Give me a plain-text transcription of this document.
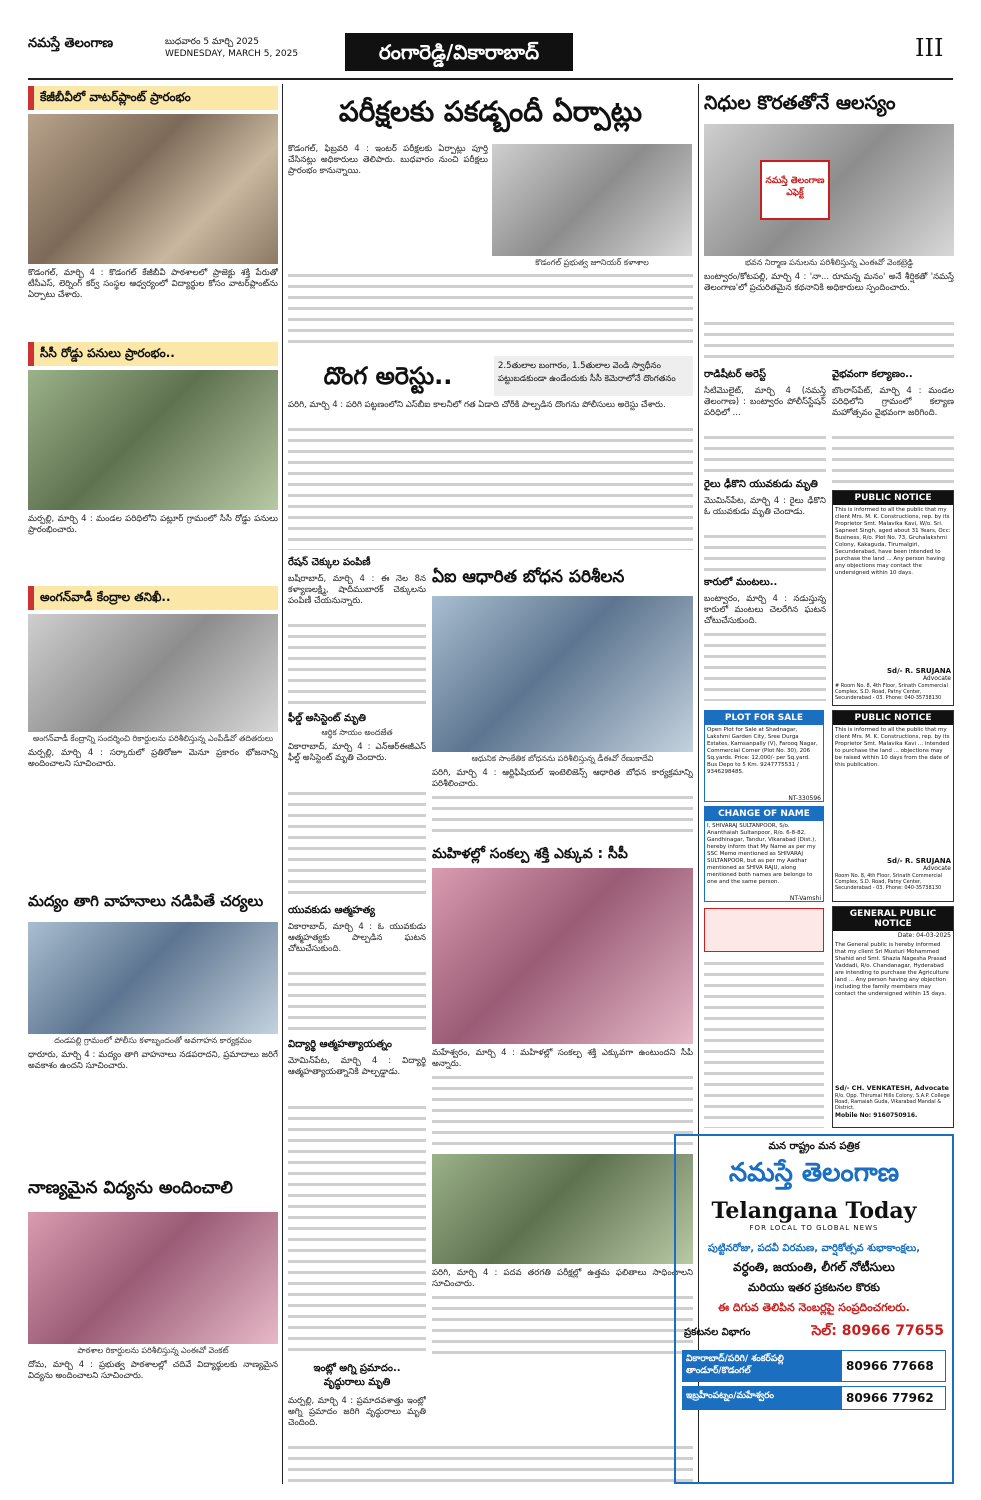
నమస్తే తెలంగాణ	బుధవారం 5 మార్చి 2025
WEDNESDAY, MARCH 5, 2025	రంగారెడ్డి/వికారాబాద్	III
కేజీబీవీలో వాటర్‌ప్లాంట్ ప్రారంభం
కొడంగల్, మార్చి 4 : కొడంగల్ కేజీబీవీ పాఠశాలలో ప్రాజెక్టు శక్తి పేరుతో టీసీఎస్, లెర్నింగ్ కర్వ్ సంస్థల ఆధ్వర్యంలో విద్యార్థుల కోసం వాటర్‌ప్లాంట్‌ను ఏర్పాటు చేశారు.
సీసీ రోడ్డు పనులు ప్రారంభం..
మర్పల్లి, మార్చి 4 : మండల పరిధిలోని పట్లూర్ గ్రామంలో సీసీ రోడ్డు పనులు ప్రారంభించారు.
అంగన్‌వాడీ కేంద్రాల తనిఖీ..
అంగన్‌వాడీ కేంద్రాన్ని సందర్శించి రికార్డులను పరిశీలిస్తున్న ఎంపీడీవో తదితరులు
మర్పల్లి, మార్చి 4 : సర్కారులో ప్రతిరోజూ మెనూ ప్రకారం భోజనాన్ని అందించాలని సూచించారు.
మద్యం తాగి వాహనాలు నడిపితే చర్యలు
దండపల్లి గ్రామంలో పోలీసు కళాబృందంతో అవగాహన కార్యక్రమం
ధారూరు, మార్చి 4 : మద్యం తాగి వాహనాలు నడపరాదని, ప్రమాదాలు జరిగే అవకాశం ఉందని సూచించారు.
నాణ్యమైన విద్యను అందించాలి
పాఠశాల రికార్డులను పరిశీలిస్తున్న ఎంఈవో వెంకట్
దోమ, మార్చి 4 : ప్రభుత్వ పాఠశాలల్లో చదివే విద్యార్థులకు నాణ్యమైన విద్యను అందించాలని సూచించారు.
పరీక్షలకు పకడ్బందీ ఏర్పాట్లు
కొడంగల్, ఫిబ్రవరి 4 : ఇంటర్ పరీక్షలకు ఏర్పాట్లు పూర్తి చేసినట్లు అధికారులు తెలిపారు. బుధవారం నుంచి పరీక్షలు ప్రారంభం కానున్నాయి.
కొడంగల్ ప్రభుత్వ జూనియర్ కళాశాల
దొంగ అరెస్టు..	2.5తులాల బంగారం, 1.5తులాల వెండి స్వాధీనం
పట్టుబడకుండా ఉండేందుకు సీసీ కెమెరాలోనే దొంగతనం
పరిగి, మార్చి 4 : పరిగి పట్టణంలోని ఎస్‌బీఐ కాలనీలో గత ఏడాది చోరీకి పాల్పడిన దొంగను పోలీసులు అరెస్టు చేశారు.
రేషన్ చెక్కుల పంపిణీ
బషీరాబాద్, మార్చి 4 : ఈ నెల 8న కళ్యాణలక్ష్మి, షాదీముబారక్ చెక్కులను పంపిణీ చేయనున్నారు.
ఫీల్డ్ అసిస్టెంట్ మృతి
ఆర్థిక సాయం అందజేత
వికారాబాద్, మార్చి 4 : ఎన్‌ఆర్‌ఈజీఎస్ ఫీల్డ్ అసిస్టెంట్ మృతి చెందారు.
యువకుడు ఆత్మహత్య
వికారాబాద్, మార్చి 4 : ఓ యువకుడు ఆత్మహత్యకు పాల్పడిన ఘటన చోటుచేసుకుంది.
విద్యార్థి ఆత్మహత్యాయత్నం
మోమిన్‌పేట, మార్చి 4 : విద్యార్థి ఆత్మహత్యాయత్నానికి పాల్పడ్డాడు.
ఏఐ ఆధారిత బోధన పరిశీలన
ఆధునిక సాంకేతిక బోధనను పరిశీలిస్తున్న డీఈవో రేణుకాదేవి
పరిగి, మార్చి 4 : ఆర్టిఫిషియల్ ఇంటెలిజెన్స్ ఆధారిత బోధన కార్యక్రమాన్ని పరిశీలించారు.
మహిళల్లో సంకల్ప శక్తి ఎక్కువ : సీపీ
మహేశ్వరం, మార్చి 4 : మహిళల్లో సంకల్ప శక్తి ఎక్కువగా ఉంటుందని సీపీ అన్నారు.
పరిగి, మార్చి 4 : పదవ తరగతి పరీక్షల్లో ఉత్తమ ఫలితాలు సాధించాలని సూచించారు.
ఇంట్లో అగ్ని ప్రమాదం..
వృద్ధురాలు మృతి
మర్పల్లి, మార్చి 4 : ప్రమాదవశాత్తు ఇంట్లో అగ్ని ప్రమాదం జరిగి వృద్ధురాలు మృతి చెందింది.
నిధుల కొరతతోనే ఆలస్యం
నమస్తే తెలంగాణ ఎఫెక్ట్
భవన నిర్మాణ పనులను పరిశీలిస్తున్న ఎంఈవో వెంకట్రెడ్డి
బంట్వారం/కోటపల్లి, మార్చి 4 : 'నా... రూమన్న మనం' అనే శీర్షికతో 'నమస్తే తెలంగాణ'లో ప్రచురితమైన కథనానికి అధికారులు స్పందించారు.
రాడిషీటర్ అరెస్ట్
సిటిమొలైట్, మార్చి 4 (నమస్తే తెలంగాణ) : బంట్వారం పోలీస్‌స్టేషన్ పరిధిలో ...
రైలు ఢీకొని యువకుడు మృతి
మొమిన్‌పేట, మార్చి 4 : రైలు ఢీకొని ఓ యువకుడు మృతి చెందాడు.
కారులో మంటలు..
బంట్వారం, మార్చి 4 : నడుస్తున్న కారులో మంటలు చెలరేగిన ఘటన చోటుచేసుకుంది.
వైభవంగా కల్యాణం..
బొంరాస్‌పేట్, మార్చి 4 : మండల పరిధిలోని గ్రామంలో కల్యాణ మహోత్సవం వైభవంగా జరిగింది.
PUBLIC NOTICE
This is informed to all the public that my client Mrs. M. K. Constructions, rep. by its Proprietor Smt. Malavika Kavi, W/o. Sri. Sapneet Singh, aged about 31 Years, Occ: Business, R/o. Plot No. 73, Gruhalakshmi Colony, Kakaguda, Tirumalgiri, Secunderabad, have been intended to purchase the land ... Any person having any objections may contact the undersigned within 10 days.
Sd/- R. SRUJANA
Advocate
# Room No. 8, 4th Floor, Srinath Commercial Complex, S.D. Road, Patny Center, Secunderabad - 03. Phone: 040-35738130
PLOT FOR SALE
Open Plot for Sale at Shadnagar, Lakshmi Garden City, Sree Durga Estates, Kamsanpally (V), Farooq Nagar, Commercial Corner (Plot No. 30), 206 Sq.yards. Price: 12,000/- per Sq.yard. Bus Depo to 5 Km. 9247775531 / 9346298485.
NT-330596
CHANGE OF NAME
I, SHIVARAJ SULTANPOOR, S/o. Ananthaiah Sultanpoor, R/o. 6-8-82, Gandhinagar, Tandur, Vikarabad (Dist.), hereby inform that My Name as per my SSC Memo mentioned as SHIVARAJ SULTANPOOR, but as per my Aadhar mentioned as SHIVA RAJU, along mentioned both names are belongs to one and the same person.
NT-Vamshi
PUBLIC NOTICE
This is informed to all the public that my client Mrs. M. K. Constructions, rep. by its Proprietor Smt. Malavika Kavi ... intended to purchase the land ... objections may be raised within 10 days from the date of this publication.
Sd/- R. SRUJANA
Advocate
Room No. 8, 4th Floor, Srinath Commercial Complex, S.D. Road, Patny Center, Secunderabad - 03. Phone: 040-35738130
GENERAL PUBLIC NOTICE
Date: 04-03-2025
The General public is hereby informed that my client Sri Musturi Mohammed Shahid and Smt. Shazia Nagesha Prasad Vaddadi, R/o. Chandanagar, Hyderabad are intending to purchase the Agriculture land ... Any person having any objection including the family members may contact the undersigned within 15 days.
Sd/- CH. VENKATESH, Advocate
R/o. Opp. Thirumal Hills Colony, S.A.P. College Road, Ramaiah Guda, Vikarabad Mandal & District.
Mobile No: 9160750916.
మన రాష్ట్రం మన పత్రిక
నమస్తే తెలంగాణ
Telangana Today
FOR LOCAL TO GLOBAL NEWS
పుట్టినరోజు, పదవీ విరమణ, వార్షికోత్సవ శుభాకాంక్షలు,
వర్ధంతి, జయంతి, లీగల్ నోటీసులు
మరియు ఇతర ప్రకటనల కొరకు
ఈ దిగువ తెలిపిన నెంబర్లపై సంప్రదించగలరు.
ప్రకటనల విభాగం	సెల్: 80966 77655
వికారాబాద్/పరిగి/ శంకర్‌పల్లి
తాండూర్/కొడంగల్	80966 77668
ఇబ్రహీంపట్నం/మహేశ్వరం	80966 77962
